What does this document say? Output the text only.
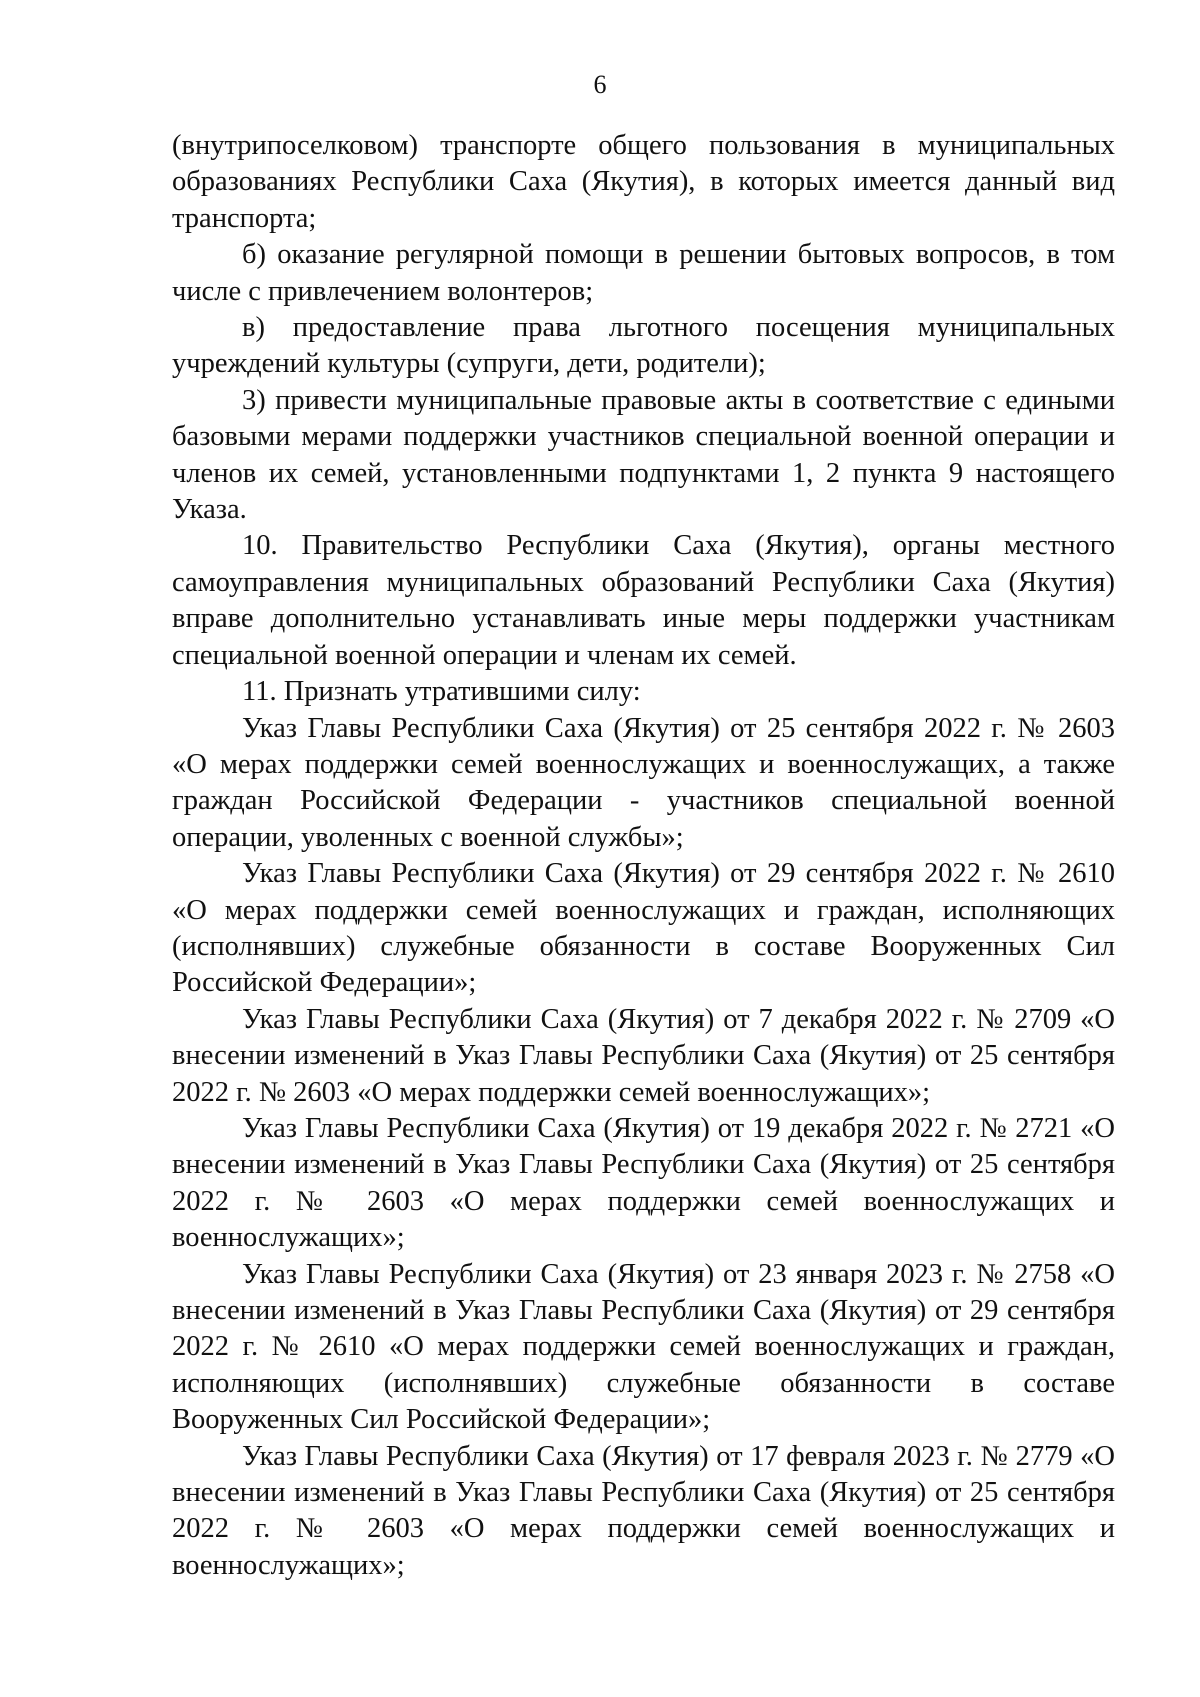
6

(внутрипоселковом) транспорте общего пользования в муниципальных образованиях Республики Саха (Якутия), в которых имеется данный вид транспорта;

б) оказание регулярной помощи в решении бытовых вопросов, в том числе с привлечением волонтеров;

в) предоставление права льготного посещения муниципальных учреждений культуры (супруги, дети, родители);

3) привести муниципальные правовые акты в соответствие с едиными базовыми мерами поддержки участников специальной военной операции и членов их семей, установленными подпунктами 1, 2 пункта 9 настоящего Указа.

10. Правительство Республики Саха (Якутия), органы местного самоуправления муниципальных образований Республики Саха (Якутия) вправе дополнительно устанавливать иные меры поддержки участникам специальной военной операции и членам их семей.

11. Признать утратившими силу:

Указ Главы Республики Саха (Якутия) от 25 сентября 2022 г. № 2603 «О мерах поддержки семей военнослужащих и военнослужащих, а также граждан Российской Федерации - участников специальной военной операции, уволенных с военной службы»;

Указ Главы Республики Саха (Якутия) от 29 сентября 2022 г. № 2610 «О мерах поддержки семей военнослужащих и граждан, исполняющих (исполнявших) служебные обязанности в составе Вооруженных Сил Российской Федерации»;

Указ Главы Республики Саха (Якутия) от 7 декабря 2022 г. № 2709 «О внесении изменений в Указ Главы Республики Саха (Якутия) от 25 сентября 2022 г. № 2603 «О мерах поддержки семей военнослужащих»;

Указ Главы Республики Саха (Якутия) от 19 декабря 2022 г. № 2721 «О внесении изменений в Указ Главы Республики Саха (Якутия) от 25 сентября 2022 г. № 2603 «О мерах поддержки семей военнослужащих и военнослужащих»;

Указ Главы Республики Саха (Якутия) от 23 января 2023 г. № 2758 «О внесении изменений в Указ Главы Республики Саха (Якутия) от 29 сентября 2022 г. № 2610 «О мерах поддержки семей военнослужащих и граждан, исполняющих (исполнявших) служебные обязанности в составе Вооруженных Сил Российской Федерации»;

Указ Главы Республики Саха (Якутия) от 17 февраля 2023 г. № 2779 «О внесении изменений в Указ Главы Республики Саха (Якутия) от 25 сентября 2022 г. № 2603 «О мерах поддержки семей военнослужащих и военнослужащих»;
